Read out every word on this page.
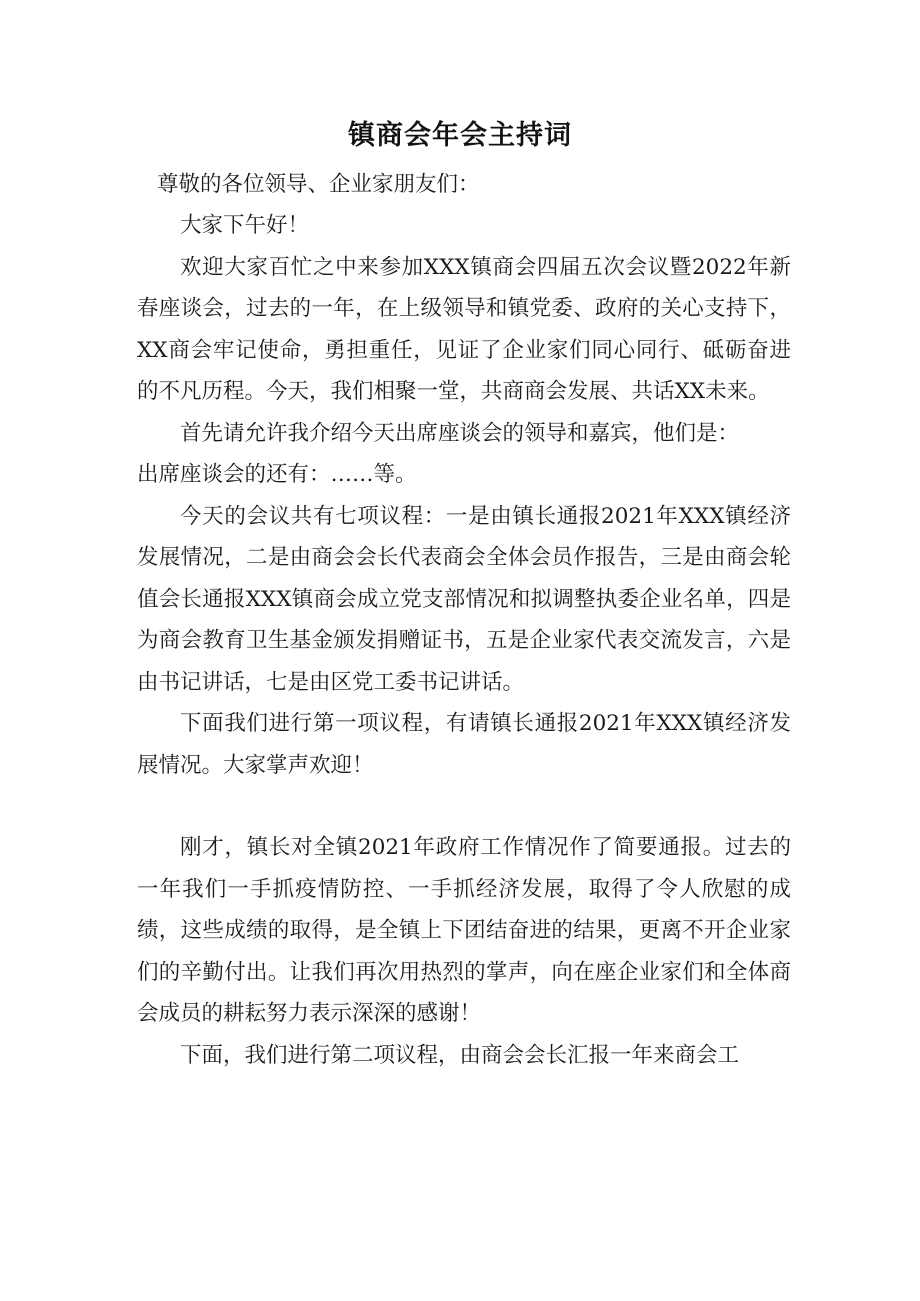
镇商会年会主持词

尊敬的各位领导、企业家朋友们：

大家下午好！

欢迎大家百忙之中来参加XXX镇商会四届五次会议暨2022年新春座谈会，过去的一年，在上级领导和镇党委、政府的关心支持下，XX商会牢记使命，勇担重任，见证了企业家们同心同行、砥砺奋进的不凡历程。今天，我们相聚一堂，共商商会发展、共话XX未来。

首先请允许我介绍今天出席座谈会的领导和嘉宾，他们是：

出席座谈会的还有：……等。

今天的会议共有七项议程：一是由镇长通报2021年XXX镇经济发展情况，二是由商会会长代表商会全体会员作报告，三是由商会轮值会长通报XXX镇商会成立党支部情况和拟调整执委企业名单，四是为商会教育卫生基金颁发捐赠证书，五是企业家代表交流发言，六是由书记讲话，七是由区党工委书记讲话。

下面我们进行第一项议程，有请镇长通报2021年XXX镇经济发展情况。大家掌声欢迎！

刚才，镇长对全镇2021年政府工作情况作了简要通报。过去的一年我们一手抓疫情防控、一手抓经济发展，取得了令人欣慰的成绩，这些成绩的取得，是全镇上下团结奋进的结果，更离不开企业家们的辛勤付出。让我们再次用热烈的掌声，向在座企业家们和全体商会成员的耕耘努力表示深深的感谢！

下面，我们进行第二项议程，由商会会长汇报一年来商会工
